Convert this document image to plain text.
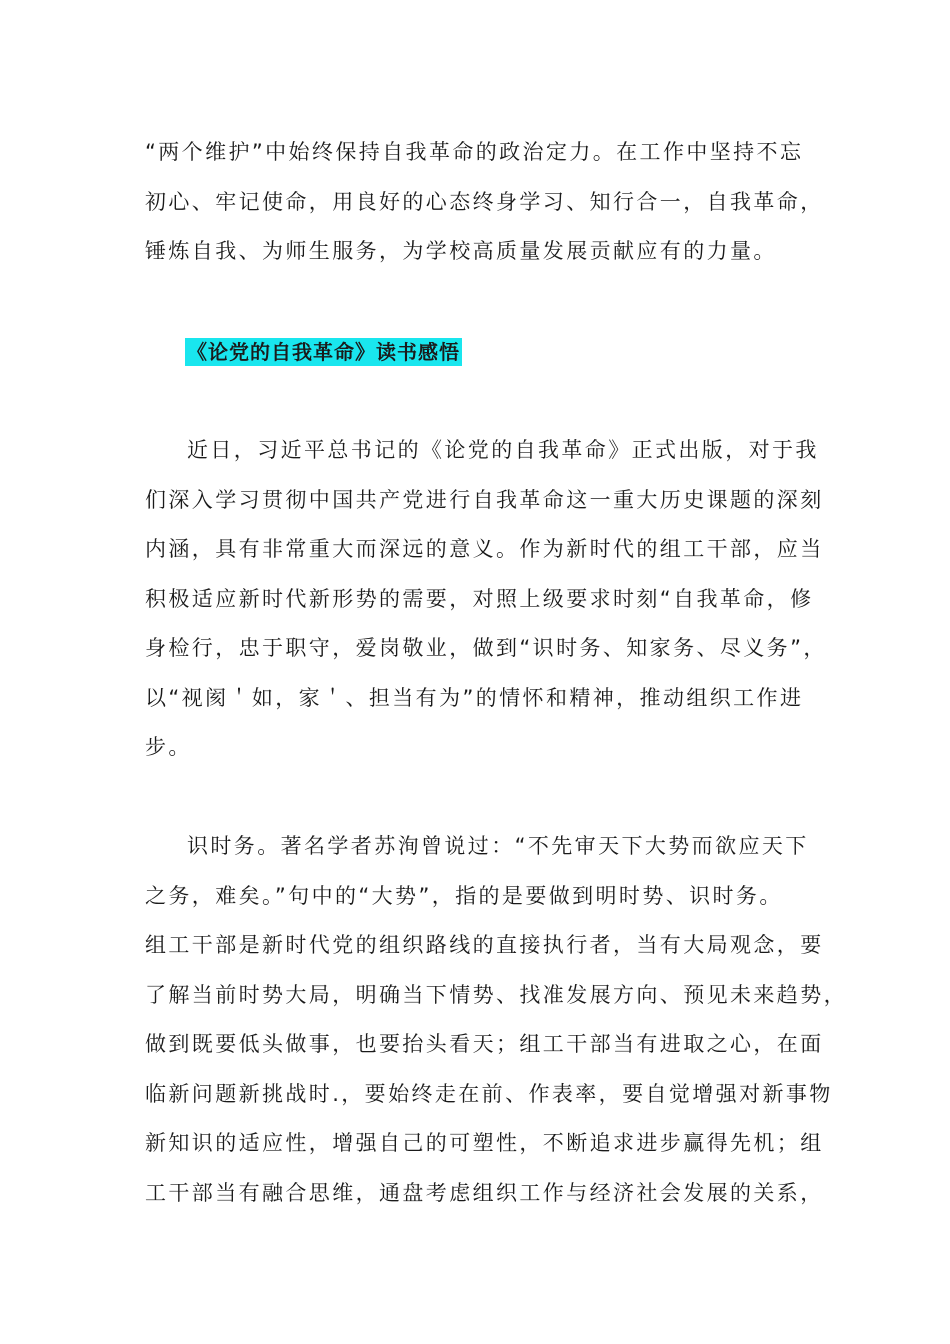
“两个维护”中始终保持自我革命的政治定力。在工作中坚持不忘
初心、牢记使命，用良好的心态终身学习、知行合一，自我革命，
锤炼自我、为师生服务，为学校高质量发展贡献应有的力量。
《论党的自我革命》读书感悟
近日，习近平总书记的《论党的自我革命》正式出版，对于我
们深入学习贯彻中国共产党进行自我革命这一重大历史课题的深刻
内涵，具有非常重大而深远的意义。作为新时代的组工干部，应当
积极适应新时代新形势的需要，对照上级要求时刻“自我革命，修
身检行，忠于职守，爱岗敬业，做到“识时务、知家务、尽义务”，
以“视阂＇如，家＇、担当有为”的情怀和精神，推动组织工作进
步。
识时务。著名学者苏洵曾说过：“不先审天下大势而欲应天下
之务，难矣。”句中的“大势”，指的是要做到明时势、识时务。
组工干部是新时代党的组织路线的直接执行者，当有大局观念，要
了解当前时势大局，明确当下情势、找准发展方向、预见未来趋势，
做到既要低头做事，也要抬头看天；组工干部当有进取之心，在面
临新问题新挑战时.，要始终走在前、作表率，要自觉增强对新事物
新知识的适应性，增强自己的可塑性，不断追求进步赢得先机；组
工干部当有融合思维，通盘考虑组织工作与经济社会发展的关系，
